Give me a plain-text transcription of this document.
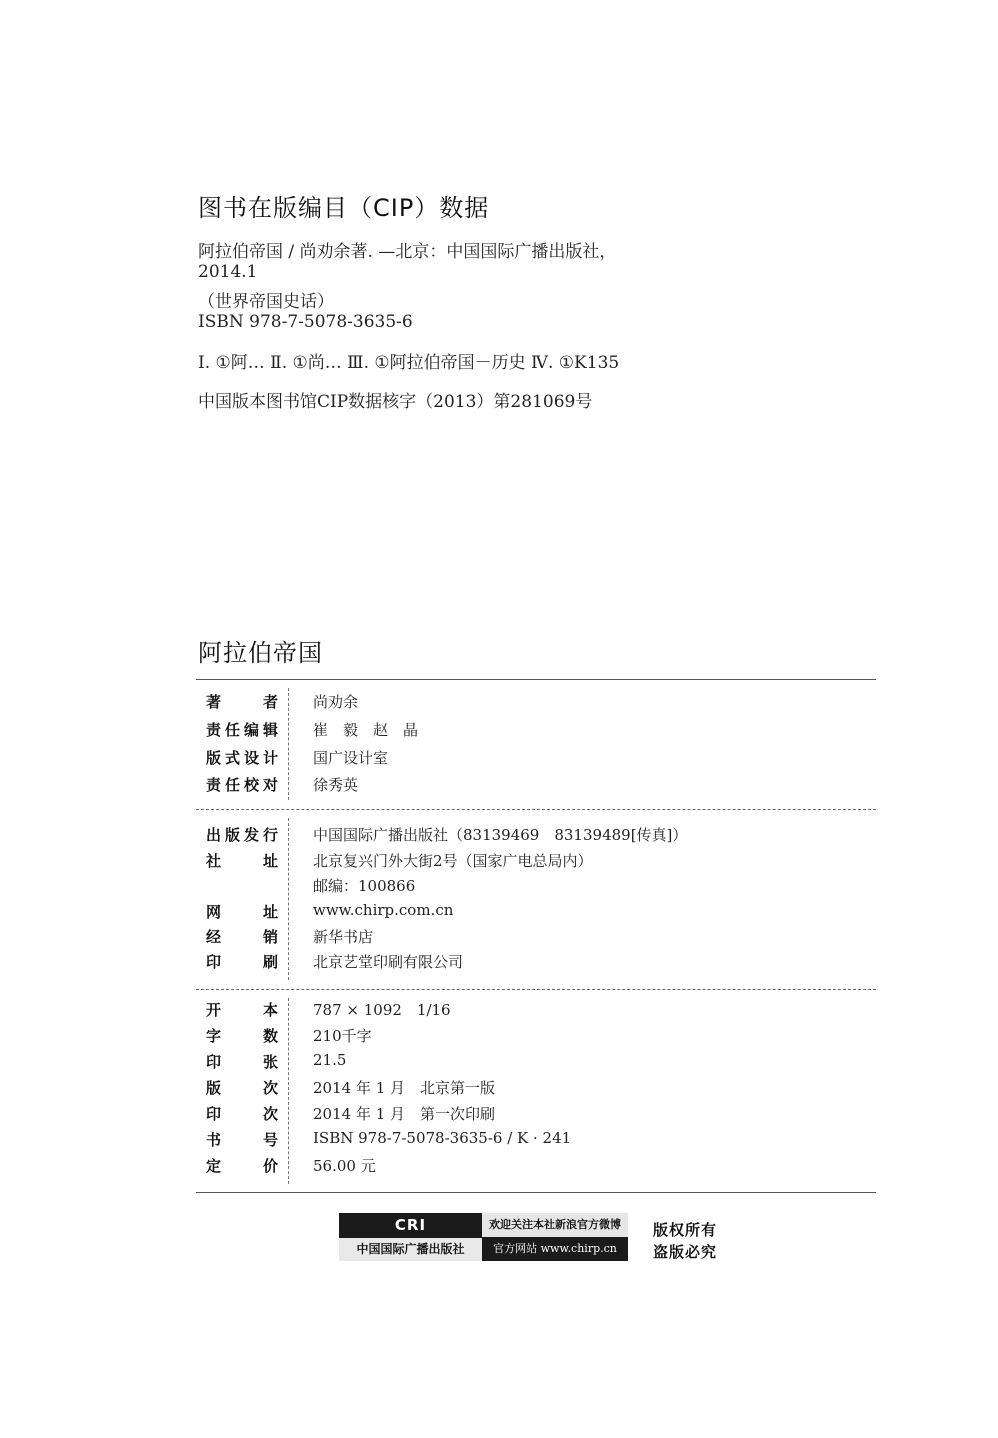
图书在版编目（CIP）数据
阿拉伯帝国 / 尚劝余著. —北京：中国国际广播出版社，
2014.1
（世界帝国史话）
ISBN 978-7-5078-3635-6
Ⅰ. ①阿… Ⅱ. ①尚… Ⅲ. ①阿拉伯帝国－历史 Ⅳ. ①K135
中国版本图书馆CIP数据核字（2013）第281069号
阿拉伯帝国
著	者 尚劝余
责 任 编 辑 崔　毅　赵　晶
版 式 设 计 国广设计室
责 任 校 对 徐秀英
出 版 发 行 中国国际广播出版社（83139469　83139489[传真]）
社	址 北京复兴门外大街2号（国家广电总局内）
邮编：100866
网	址 www.chirp.com.cn
经	销 新华书店
印	刷 北京艺堂印刷有限公司
开	本 787 × 1092　1/16
字	数 210千字
印	张 21.5
版	次 2014 年 1 月　北京第一版
印	次 2014 年 1 月　第一次印刷
书	号 ISBN 978-7-5078-3635-6 / K · 241
定	价 56.00 元
CRI
中国国际广播出版社
欢迎关注本社新浪官方微博
官方网站 www.chirp.cn
版权所有
盗版必究
